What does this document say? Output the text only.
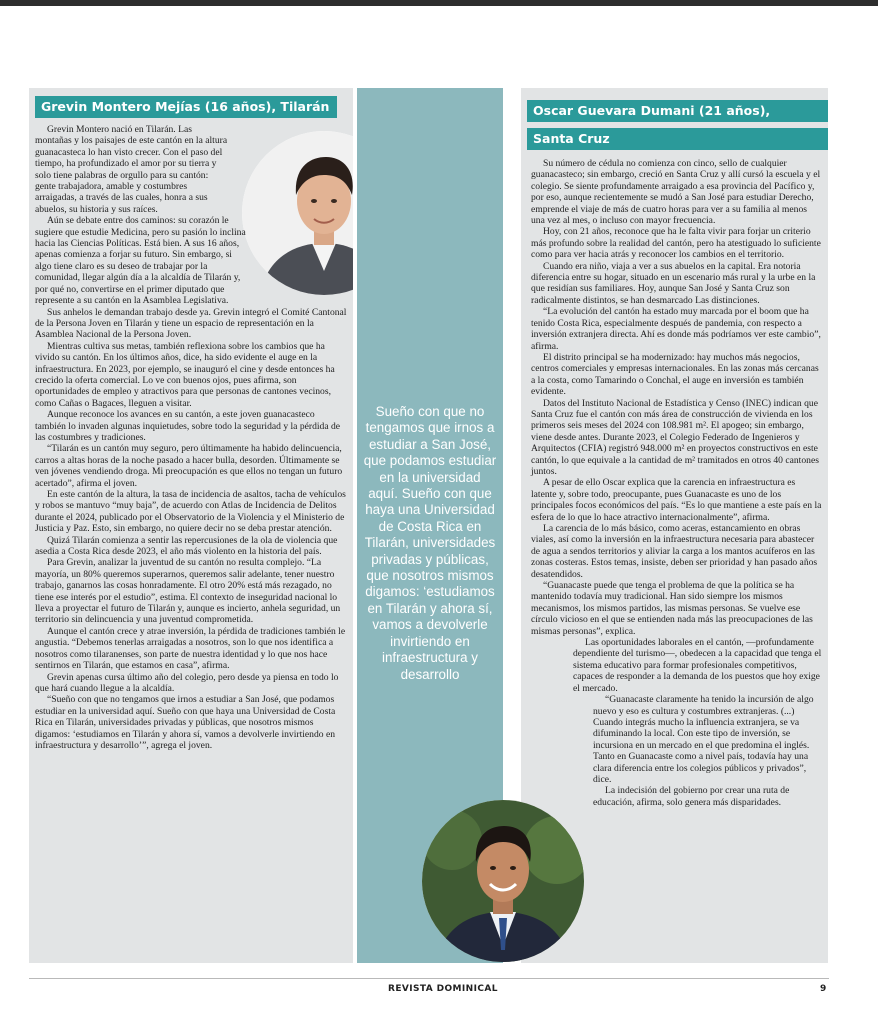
Grevin Montero Mejías (16 años), Tilarán

Grevin Montero nació en Tilarán. Las montañas y los paisajes de este cantón en la altura guanacasteca lo han visto crecer. Con el paso del tiempo, ha profundizado el amor por su tierra y solo tiene palabras de orgullo para su cantón: gente trabajadora, amable y costumbres arraigadas, a través de las cuales, honra a sus abuelos, su historia y sus raíces.

Aún se debate entre dos caminos: su corazón le sugiere que estudie Medicina, pero su pasión lo inclina hacia las Ciencias Políticas. Está bien. A sus 16 años, apenas comienza a forjar su futuro. Sin embargo, si algo tiene claro es su deseo de trabajar por la comunidad, llegar algún día a la alcaldía de Tilarán y, por qué no, convertirse en el primer diputado que represente a su cantón en la Asamblea Legislativa.

Sus anhelos le demandan trabajo desde ya. Grevin integró el Comité Cantonal de la Persona Joven en Tilarán y tiene un espacio de representación en la Asamblea Nacional de la Persona Joven.

Mientras cultiva sus metas, también reflexiona sobre los cambios que ha vivido su cantón. En los últimos años, dice, ha sido evidente el auge en la infraestructura. En 2023, por ejemplo, se inauguró el cine y desde entonces ha crecido la oferta comercial. Lo ve con buenos ojos, pues afirma, son oportunidades de empleo y atractivos para que personas de cantones vecinos, como Cañas o Bagaces, lleguen a visitar.

Aunque reconoce los avances en su cantón, a este joven guanacasteco también lo invaden algunas inquietudes, sobre todo la seguridad y la pérdida de las costumbres y tradiciones.

“Tilarán es un cantón muy seguro, pero últimamente ha habido delincuencia, carros a altas horas de la noche pasado a hacer bulla, desorden. Últimamente se ven jóvenes vendiendo droga. Mi preocupación es que ellos no tengan un futuro acertado”, afirma el joven.

En este cantón de la altura, la tasa de incidencia de asaltos, tacha de vehículos y robos se mantuvo “muy baja”, de acuerdo con Atlas de Incidencia de Delitos durante el 2024, publicado por el Observatorio de la Violencia y el Ministerio de Justicia y Paz. Esto, sin embargo, no quiere decir no se deba prestar atención.

Quizá Tilarán comienza a sentir las repercusiones de la ola de violencia que asedia a Costa Rica desde 2023, el año más violento en la historia del país.

Para Grevin, analizar la juventud de su cantón no resulta complejo. “La mayoría, un 80% queremos superarnos, queremos salir adelante, tener nuestro trabajo, ganarnos las cosas honradamente. El otro 20% está más rezagado, no tiene ese interés por el estudio”, estima. El contexto de inseguridad nacional lo lleva a proyectar el futuro de Tilarán y, aunque es incierto, anhela seguridad, un territorio sin delincuencia y una juventud comprometida.

Aunque el cantón crece y atrae inversión, la pérdida de tradiciones también le angustia. “Debemos tenerlas arraigadas a nosotros, son lo que nos identifica a nosotros como tilaranenses, son parte de nuestra identidad y lo que nos hace sentirnos en Tilarán, que estamos en casa”, afirma.

Grevin apenas cursa último año del colegio, pero desde ya piensa en todo lo que hará cuando llegue a la alcaldía.

“Sueño con que no tengamos que irnos a estudiar a San José, que podamos estudiar en la universidad aquí. Sueño con que haya una Universidad de Costa Rica en Tilarán, universidades privadas y públicas, que nosotros mismos digamos: ‘estudiamos en Tilarán y ahora sí, vamos a devolverle invirtiendo en infraestructura y desarrollo’”, agrega el joven.

Sueño con que no tengamos que irnos a estudiar a San José, que podamos estudiar en la universidad aquí. Sueño con que haya una Universidad de Costa Rica en Tilarán, universidades privadas y públicas, que nosotros mismos digamos: ‘estudiamos en Tilarán y ahora sí, vamos a devolverle invirtiendo en infraestructura y desarrollo
Oscar Guevara Dumani (21 años),
Santa Cruz

Su número de cédula no comienza con cinco, sello de cualquier guanacasteco; sin embargo, creció en Santa Cruz y allí cursó la escuela y el colegio. Se siente profundamente arraigado a esa provincia del Pacífico y, por eso, aunque recientemente se mudó a San José para estudiar Derecho, emprende el viaje de más de cuatro horas para ver a su familia al menos una vez al mes, o incluso con mayor frecuencia.

Hoy, con 21 años, reconoce que ha le falta vivir para forjar un criterio más profundo sobre la realidad del cantón, pero ha atestiguado lo suficiente como para ver hacia atrás y reconocer los cambios en el territorio.

Cuando era niño, viaja a ver a sus abuelos en la capital. Era notoria diferencia entre su hogar, situado en un escenario más rural y la urbe en la que residían sus familiares. Hoy, aunque San José y Santa Cruz son radicalmente distintos, se han desmarcado Las distinciones.

“La evolución del cantón ha estado muy marcada por el boom que ha tenido Costa Rica, especialmente después de pandemia, con respecto a inversión extranjera directa. Ahí es donde más podríamos ver este cambio”, afirma.

El distrito principal se ha modernizado: hay muchos más negocios, centros comerciales y empresas internacionales. En las zonas más cercanas a la costa, como Tamarindo o Conchal, el auge en inversión es también evidente.

Datos del Instituto Nacional de Estadística y Censo (INEC) indican que Santa Cruz fue el cantón con más área de construcción de vivienda en los primeros seis meses del 2024 con 108.981 m². El apogeo; sin embargo, viene desde antes. Durante 2023, el Colegio Federado de Ingenieros y Arquitectos (CFIA) registró 948.000 m² en proyectos constructivos en este cantón, lo que equivale a la cantidad de m² tramitados en otros 40 cantones juntos.

A pesar de ello Oscar explica que la carencia en infraestructura es latente y, sobre todo, preocupante, pues Guanacaste es uno de los principales focos económicos del país. “Es lo que mantiene a este país en la esfera de lo que lo hace atractivo internacionalmente”, afirma.

La carencia de lo más básico, como aceras, estancamiento en obras viales, así como la inversión en la infraestructura necesaria para abastecer de agua a sendos territorios y aliviar la carga a los mantos acuíferos en las zonas costeras. Estos temas, insiste, deben ser prioridad y han pasado años desatendidos.

“Guanacaste puede que tenga el problema de que la política se ha mantenido todavía muy tradicional. Han sido siempre los mismos mecanismos, los mismos partidos, las mismas personas. Se vuelve ese círculo vicioso en el que se entienden nada más las preocupaciones de las mismas personas”, explica.

Las oportunidades laborales en el cantón, —profundamente dependiente del turismo—, obedecen a la capacidad que tenga el sistema educativo para formar profesionales competitivos, capaces de responder a la demanda de los puestos que hoy exige el mercado.

“Guanacaste claramente ha tenido la incursión de algo nuevo y eso es cultura y costumbres extranjeras. (...) Cuando integrás mucho la influencia extranjera, se va difuminando la local. Con este tipo de inversión, se incursiona en un mercado en el que predomina el inglés. Tanto en Guanacaste como a nivel país, todavía hay una clara diferencia entre los colegios públicos y privados”, dice.

La indecisión del gobierno por crear una ruta de educación, afirma, solo genera más disparidades.

REVISTA DOMINICAL	9
